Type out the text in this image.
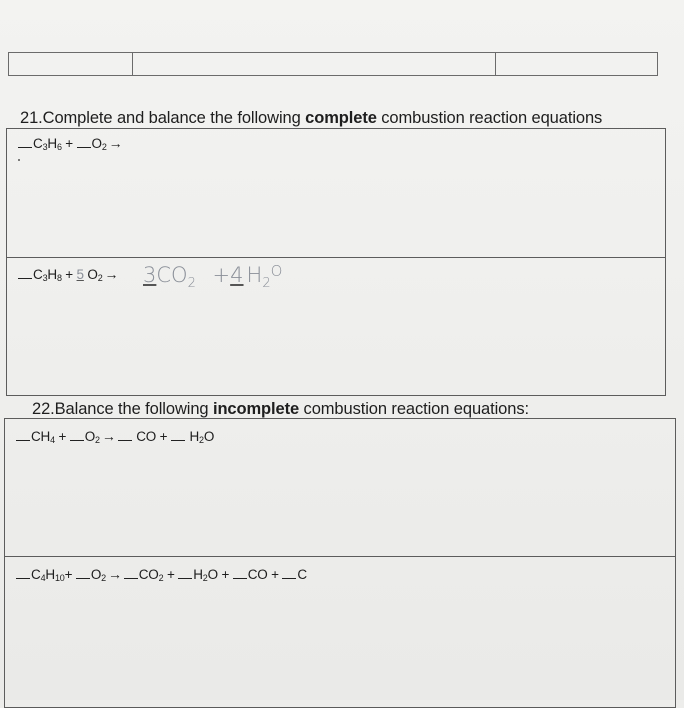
21.Complete and balance the following complete combustion reaction equations
$C_3H_6 + O_2$ →
$C_3H_8 + 5$ $O_2 \to 3CO_2 +4$ $H_2^O$
22.Balance the following incomplete combustion reaction equations:
$CH_4 + O_2$ → CO +  $H_2O$
$C_4H_{10}+ O_2 \to CO_2 + H_2O$ + CO + C
